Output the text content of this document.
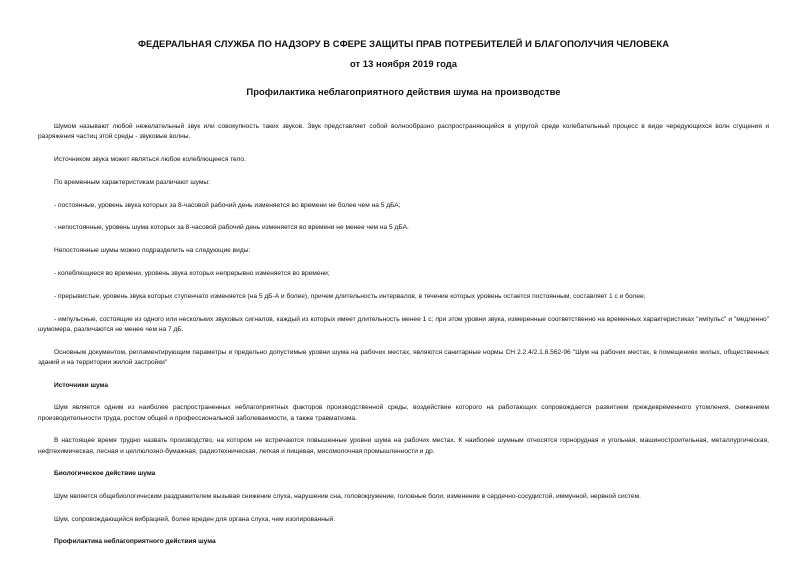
ФЕДЕРАЛЬНАЯ СЛУЖБА ПО НАДЗОРУ В СФЕРЕ ЗАЩИТЫ ПРАВ ПОТРЕБИТЕЛЕЙ И БЛАГОПОЛУЧИЯ ЧЕЛОВЕКА
от 13 ноября 2019 года
Профилактика неблагоприятного действия шума на производстве

Шумом называют любой нежелательный звук или совокупность таких звуков. Звук представляет собой волнообразно распространяющийся в упругой среде колебательный процесс в виде чередующихся волн сгущения и разряжения частиц этой среды - звуковые волны.

Источником звука может являться любое колеблющееся тело.

По временным характеристикам различают шумы:

- постоянные, уровень звука которых за 8-часовой рабочий день изменяется во времени не более чем на 5 дБА;

- непостоянные, уровень шума которых за 8-часовой рабочий день изменяется во времени не менее чем на 5 дБА.

Непостоянные шумы можно подразделить на следующие виды:

- колеблющиеся во времени, уровень звука которых непрерывно изменяется во времени;

- прерывистые, уровень звука которых ступенчато изменяется (на 5 дБ-А и более), причем длительность интервалов, в течение которых уровень остается постоянным, составляет 1 с и более;

- импульсные, состоящие из одного или нескольких звуковых сигналов, каждый из которых имеет длительность менее 1 с; при этом уровни звука, измеренные соответственно на временных характеристиках "импульс" и "медленно" шумомера, различаются не менее чем на 7 дБ.

Основным документом, регламентирующим параметры и предельно допустимые уровни шума на рабочих местах, являются санитарные нормы СН 2.2.4/2.1.8.562-96 "Шум на рабочих местах, в помещениях жилых, общественных зданий и на территории жилой застройки"

Источники шума

Шум является одним из наиболее распространенных неблагоприятных факторов производственной среды, воздействие которого на работающих сопровождается развитием преждевременного утомления, снижением производительности труда, ростом общей и профессиональной заболеваемости, а также травматизма.

В настоящее время трудно назвать производство, на котором не встречаются повышенные уровни шума на рабочих местах. К наиболее шумным относятся горнорудная и угольная, машиностроительная, металлургическая, нефтехимическая, лесная и целлюлозно-бумажная, радиотехническая, легкая и пищевая, мясомолочная промышленности и др.

Биологическое действие шума

Шум является общебиологическим раздражителем вызывая снижение слуха, нарушение сна, головокружение, головные боли, изменение в сердечно-сосудистой, иммунной, нервной систем.

Шум, сопровождающийся вибрацией, более вреден для органа слуха, чем изолированный.

Профилактика неблагоприятного действия шума
